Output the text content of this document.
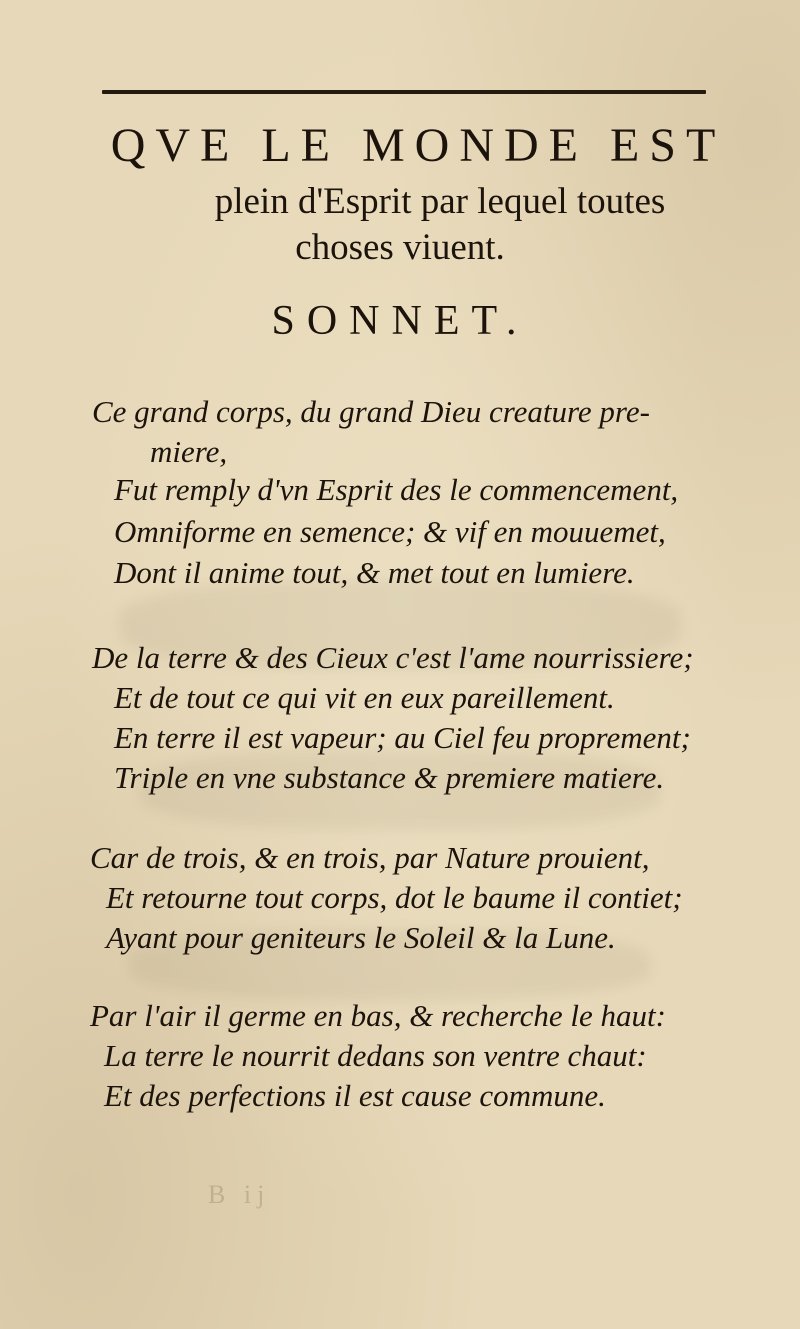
QVE LE MONDE EST
plein d'Esprit par lequel toutes
choses viuent.
SONNET.
Ce grand corps, du grand Dieu creature pre-
miere,
Fut remply d'vn Esprit des le commencement,
Omniforme en semence; & vif en mouuemet,
Dont il anime tout, & met tout en lumiere.
De la terre & des Cieux c'est l'ame nourrissiere;
Et de tout ce qui vit en eux pareillement.
En terre il est vapeur; au Ciel feu proprement;
Triple en vne substance & premiere matiere.
Car de trois, & en trois, par Nature prouient,
Et retourne tout corps, dot le baume il contiet;
Ayant pour geniteurs le Soleil & la Lune.
Par l'air il germe en bas, & recherche le haut:
La terre le nourrit dedans son ventre chaut:
Et des perfections il est cause commune.
B ij
